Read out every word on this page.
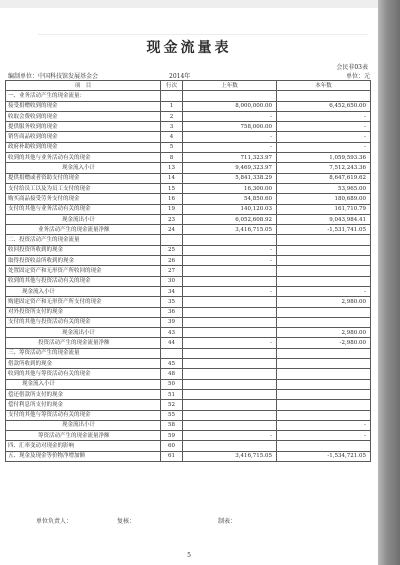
现金流量表
会民非03表
编制单位：中国科技馆发展基金会	2014年	单位：元
项　目	行次	上年数	本年数
一、业务活动产生的现金流量：			
接受捐赠收到的现金	1	8,000,000.00	6,452,650.00
收取会费收到的现金	2	-	-
提供服务收到的现金	3	758,000.00	-
销售商品收到的现金	4	-	-
政府补助收到的现金	5	-	-
收到的其他与业务活动有关的现金	8	711,323.97	1,059,593.36
现金流入小计	13	9,469,323.97	7,512,243.36
提供捐赠或者资助支付的现金	14	5,841,338.29	8,647,619.62
支付给员工以及为员工支付的现金	15	16,300.00	53,965.00
购买商品接受劳务支付的现金	16	54,850.60	180,689.00
支付的其他与业务活动有关的现金	19	140,120.03	161,710.79
现金流出小计	23	6,052,608.92	9,043,984.41
业务活动产生的现金流量净额	24	3,416,715.05	-1,531,741.05
二、投资活动产生的现金流量			
收回投资所收到的现金	25	-	
取得投资收益所收到的现金	26	-	
处置固定资产和无形资产所收回的现金	27		
收到的其他与投资活动有关的现金	30		
现金流入小计	34	-	-
购建固定资产和无形资产所支付的现金	35		2,980.00
对外投资所支付的现金	36		
支付的其他与投资活动有关的现金	39		
现金流出小计	43		2,980.00
投资活动产生的现金流量净额	44	-	-2,980.00
三、筹资活动产生的现金流量			
借款所收到的现金	45		
收到的其他与筹资活动有关的现金	48		
现金流入小计	50		
偿还借款所支付的现金	51		
偿付利息所支付的现金	52		
支付的其他与筹资活动有关的现金	55		
现金流出小计	58		-
筹资活动产生的现金流量净额	59	-	-
四、汇率变动对现金的影响	60		
五、现金及现金等价物净增加额	61	3,416,715.05	-1,534,721.05
单位负责人：	复核：	制表：
5
